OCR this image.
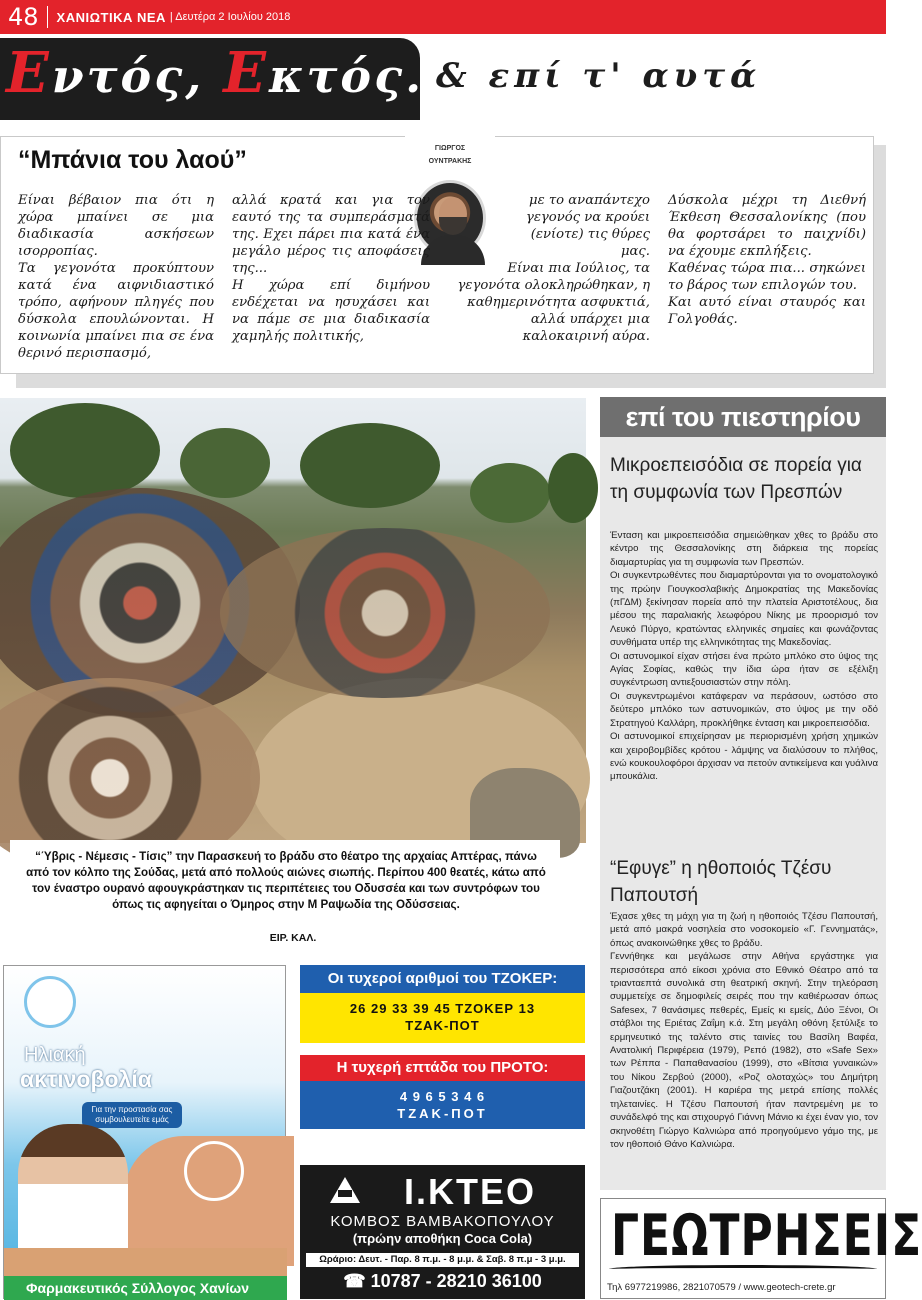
48	ΧΑΝΙΩΤΙΚΑ ΝΕΑ | Δευτέρα 2 Ιουλίου 2018
Εντός, Εκτός...
& επί τ' αυτά
“Μπάνια του λαού”	ΓΙΩΡΓΟΣ
ΟΥΝΤΡΑΚΗΣ

Είναι βέβαιον πια ότι η χώρα μπαίνει σε μια διαδικασία ασκήσεων ισορροπίας.

Τα γεγονότα προκύπτουν κατά ένα αιφνιδιαστικό τρόπο, αφήνουν πληγές που δύσκολα επουλώνονται. Η κοινωνία μπαίνει πια σε ένα θερινό περισπασμό,

αλλά κρατά και για τον εαυτό της τα συμπεράσματά της. Εχει πάρει πια κατά ένα μεγάλο μέρος τις αποφάσεις της...

Η χώρα επί διμήνου ενδέχεται να ησυχάσει και να πάμε σε μια διαδικασία χαμηλής πολιτικής,

με το αναπάντεχο γεγονός να κρούει (ενίοτε) τις θύρες μας.

Είναι πια Ιούλιος, τα γεγονότα ολοκληρώθηκαν, η καθημερινότητα ασφυκτιά, αλλά υπάρχει μια καλοκαιρινή αύρα.

Δύσκολα μέχρι τη Διεθνή Έκθεση Θεσσαλονίκης (που θα φορτσάρει το παιχνίδι) να έχουμε εκπλήξεις.

Καθένας τώρα πια... σηκώνει το βάρος των επιλογών του.

Και αυτό είναι σταυρός και Γολγοθάς.

“Ύβρις - Νέμεσις - Τίσις” την Παρασκευή το βράδυ στο θέατρο της αρχαίας Απτέρας, πάνω από τον κόλπο της Σούδας, μετά από πολλούς αιώνες σιωπής. Περίπου 400 θεατές, κάτω από τον έναστρο ουρανό αφουγκράστηκαν τις περιπέτειες του Οδυσσέα και των συντρόφων του όπως τις αφηγείται ο Όμηρος στην Μ Ραψωδία της Οδύσσειας.
ΕΙΡ. ΚΑΛ.
επί του πιεστηρίου
Μικροεπεισόδια σε πορεία για τη συμφωνία των Πρεσπών

Ένταση και μικροεπεισόδια σημειώθηκαν χθες το βράδυ στο κέντρο της Θεσσαλονίκης στη διάρκεια της πορείας διαμαρτυρίας για τη συμφωνία των Πρεσπών.

Οι συγκεντρωθέντες που διαμαρτύρονται για το ονοματολογικό της πρώην Γιουγκοσλαβικής Δημοκρατίας της Μακεδονίας (πΓΔΜ) ξεκίνησαν πορεία από την πλατεία Αριστοτέλους, δια μέσου της παραλιακής λεωφόρου Νίκης με προορισμό τον Λευκό Πύργο, κρατώντας ελληνικές σημαίες και φωνάζοντας συνθήματα υπέρ της ελληνικότητας της Μακεδονίας.

Οι αστυνομικοί είχαν στήσει ένα πρώτο μπλόκο στο ύψος της Αγίας Σοφίας, καθώς την ίδια ώρα ήταν σε εξέλιξη συγκέντρωση αντιεξουσιαστών στην πόλη.

Οι συγκεντρωμένοι κατάφεραν να περάσουν, ωστόσο στο δεύτερο μπλόκο των αστυνομικών, στο ύψος με την οδό Στρατηγού Καλλάρη, προκλήθηκε ένταση και μικροεπεισόδια.

Οι αστυνομικοί επιχείρησαν με περιορισμένη χρήση χημικών και χειροβομβίδες κρότου - λάμψης να διαλύσουν το πλήθος, ενώ κουκουλοφόροι άρχισαν να πετούν αντικείμενα και γυάλινα μπουκάλια.

“Εφυγε” η ηθοποιός Τζέσυ Παπουτσή

Έχασε χθες τη μάχη για τη ζωή η ηθοποιός Τζέσυ Παπουτσή, μετά από μακρά νοσηλεία στο νοσοκομείο «Γ. Γεννηματάς», όπως ανακοινώθηκε χθες το βράδυ.

Γεννήθηκε και μεγάλωσε στην Αθήνα εργάστηκε για περισσότερα από είκοσι χρόνια στο Εθνικό Θέατρο από τα τριανταεπτά συνολικά στη θεατρική σκηνή. Στην τηλεόραση συμμετείχε σε δημοφιλείς σειρές που την καθιέρωσαν όπως Safesex, 7 θανάσιμες πεθερές, Εμείς κι εμείς, Δύο Ξένοι, Οι στάβλοι της Εριέτας Ζαΐμη κ.ά. Στη μεγάλη οθόνη ξετύλιξε το ερμηνευτικό της ταλέντο στις ταινίες του Βασίλη Βαφέα, Ανατολική Περιφέρεια (1979), Ρεπό (1982), στο «Safe Sex» των Ρέππα - Παπαθανασίου (1999), στο «Βίτσια γυναικών» του Νίκου Ζερβού (2000), «Ροζ ολοταχώς» του Δημήτρη Γιαζουτζάκη (2001). Η καριέρα της μετρά επίσης πολλές τηλεταινίες. Η Τζέσυ Παπουτσή ήταν παντρεμένη με το συνάδελφό της και στιχουργό Γιάννη Μάνιο κι έχει έναν γιο, τον σκηνοθέτη Γιώργο Καλνιώρα από προηγούμενο γάμο της, με τον ηθοποιό Θάνο Καλνιώρα.

Ηλιακή
ακτινοβολία
Για την προστασία σας συμβουλευτείτε εμάς
Φαρμακευτικός Σύλλογος Χανίων
Οι τυχεροί αριθμοί του ΤΖΟΚΕΡ:
26 29 33 39 45 ΤΖΟΚΕΡ 13
ΤΖΑΚ-ΠΟΤ
Η τυχερή επτάδα του ΠΡΟΤΟ:
4 9 6 5 3 4 6
ΤΖΑΚ-ΠΟΤ
Ι.ΚΤΕΟ
ΚΟΜΒΟΣ ΒΑΜΒΑΚΟΠΟΥΛΟΥ
(πρώην αποθήκη Coca Cola)
Ωράριο: Δευτ. - Παρ. 8 π.μ. - 8 μ.μ. & Σαβ. 8 π.μ - 3 μ.μ.
☎ 10787 - 28210 36100
ΓΕΩΤΡΗΣΕΙΣ
Τηλ 6977219986, 2821070579 / www.geotech-crete.gr
